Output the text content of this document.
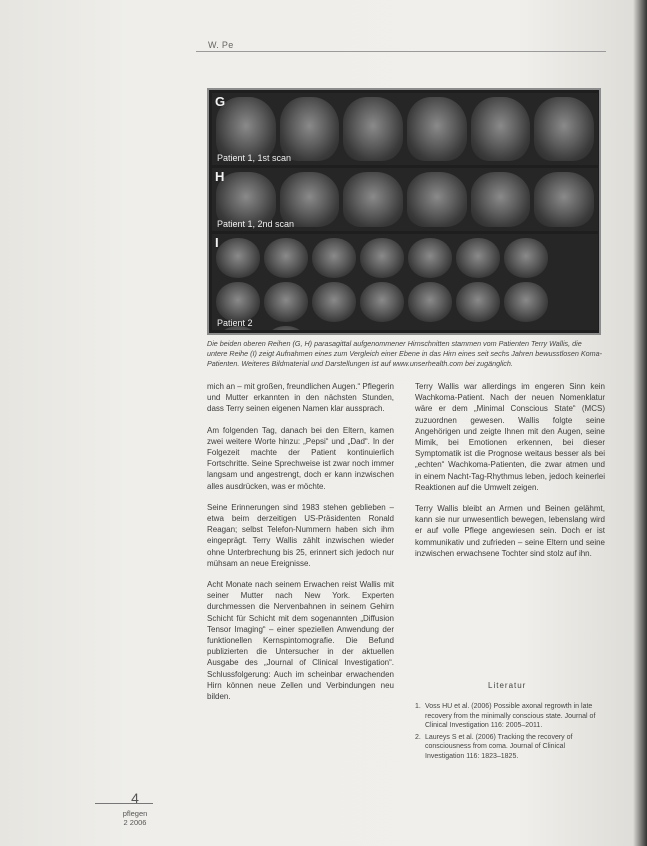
W. Pe
G
Patient 1, 1st scan
H
Patient 1, 2nd scan
I
Patient 2
Die beiden oberen Reihen (G, H) parasagittal aufgenommener Hirnschnitten stammen vom Patienten Terry Wallis, die untere Reihe (I) zeigt Aufnahmen eines zum Vergleich einer Ebene in das Hirn eines seit sechs Jahren bewusstlosen Koma-Patienten. Weiteres Bildmaterial und Darstellungen ist auf www.unserhealth.com bei zugänglich.

mich an – mit großen, freundlichen Augen.“ Pflegerin und Mutter erkannten in den nächsten Stunden, dass Terry seinen eigenen Namen klar aussprach.

Am folgenden Tag, danach bei den Eltern, kamen zwei weitere Worte hinzu: „Pepsi“ und „Dad“. In der Folgezeit machte der Patient kontinuierlich Fortschritte. Seine Sprechweise ist zwar noch immer langsam und angestrengt, doch er kann inzwischen alles ausdrücken, was er möchte.

Seine Erinnerungen sind 1983 stehen geblieben – etwa beim derzeitigen US-Präsidenten Ronald Reagan; selbst Telefon-Nummern haben sich ihm eingeprägt. Terry Wallis zählt inzwischen wieder ohne Unterbrechung bis 25, erinnert sich jedoch nur mühsam an neue Ereignisse.

Acht Monate nach seinem Erwachen reist Wallis mit seiner Mutter nach New York. Experten durchmessen die Nervenbahnen in seinem Gehirn Schicht für Schicht mit dem sogenannten „Diffusion Tensor Imaging“ – einer speziellen Anwendung der funktionellen Kernspintomografie. Die Befund publizierten die Untersucher in der aktuellen Ausgabe des „Journal of Clinical Investigation“. Schlussfolgerung: Auch im scheinbar erwachenden Hirn können neue Zellen und Verbindungen neu bilden.

Terry Wallis war allerdings im engeren Sinn kein Wachkoma-Patient. Nach der neuen Nomenklatur wäre er dem „Minimal Conscious State“ (MCS) zuzuordnen gewesen. Wallis folgte seine Angehörigen und zeigte Ihnen mit den Augen, seine Mimik, bei Emotionen erkennen, bei dieser Symptomatik ist die Prognose weitaus besser als bei „echten“ Wachkoma-Patienten, die zwar atmen und in einem Nacht-Tag-Rhythmus leben, jedoch keinerlei Reaktionen auf die Umwelt zeigen.

Terry Wallis bleibt an Armen und Beinen gelähmt, kann sie nur unwesentlich bewegen, lebenslang wird er auf volle Pflege angewiesen sein. Doch er ist kommunikativ und zufrieden – seine Eltern und seine inzwischen erwachsene Tochter sind stolz auf ihn.

Literatur
1. Voss HU et al. (2006) Possible axonal regrowth in late recovery from the minimally conscious state. Journal of Clinical Investigation 116: 2005–2011.
2. Laureys S et al. (2006) Tracking the recovery of consciousness from coma. Journal of Clinical Investigation 116: 1823–1825.
4
pflegen
2 2006
